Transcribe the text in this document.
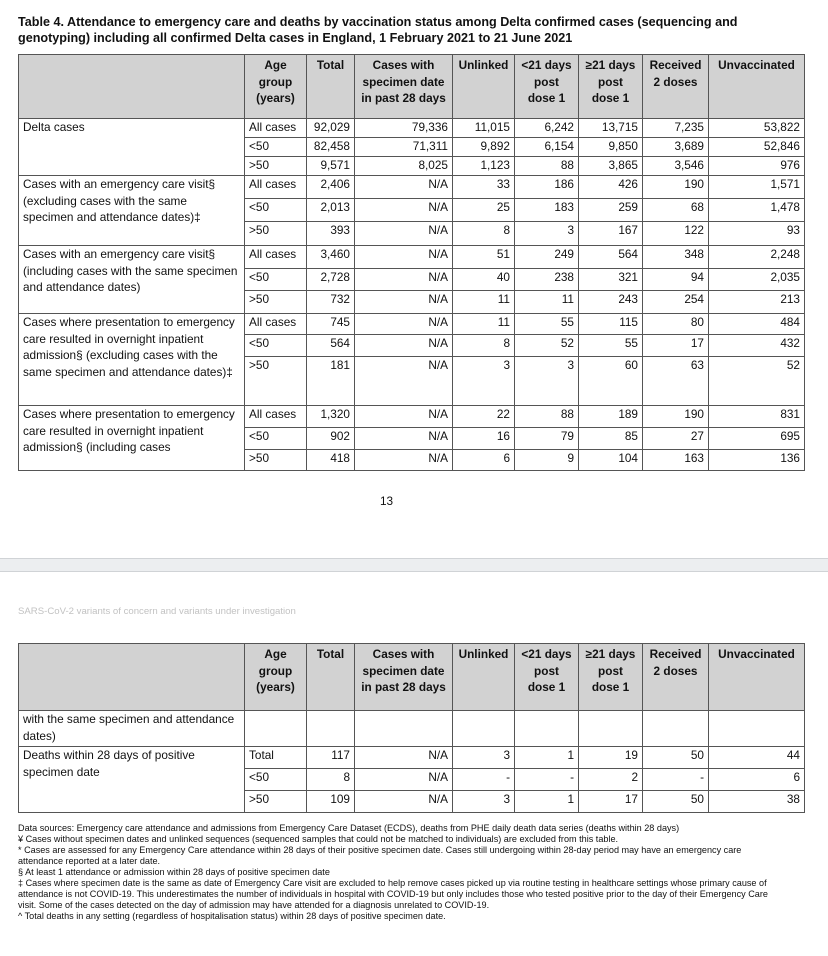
Table 4. Attendance to emergency care and deaths by vaccination status among Delta confirmed cases (sequencing and genotyping) including all confirmed Delta cases in England, 1 February 2021 to 21 June 2021
	Age group (years)	Total	Cases with specimen date in past 28 days	Unlinked	<21 days post dose 1	≥21 days post dose 1	Received 2 doses	Unvaccinated
Delta cases	All cases	92,029	79,336	11,015	6,242	13,715	7,235	53,822
	<50	82,458	71,311	9,892	6,154	9,850	3,689	52,846
	>50	9,571	8,025	1,123	88	3,865	3,546	976
Cases with an emergency care visit§ (excluding cases with the same specimen and attendance dates)‡	All cases	2,406	N/A	33	186	426	190	1,571
	<50	2,013	N/A	25	183	259	68	1,478
	>50	393	N/A	8	3	167	122	93
Cases with an emergency care visit§ (including cases with the same specimen and attendance dates)	All cases	3,460	N/A	51	249	564	348	2,248
	<50	2,728	N/A	40	238	321	94	2,035
	>50	732	N/A	11	11	243	254	213
Cases where presentation to emergency care resulted in overnight inpatient admission§ (excluding cases with the same specimen and attendance dates)‡	All cases	745	N/A	11	55	115	80	484
	<50	564	N/A	8	52	55	17	432
	>50	181	N/A	3	3	60	63	52
Cases where presentation to emergency care resulted in overnight inpatient admission§ (including cases	All cases	1,320	N/A	22	88	189	190	831
	<50	902	N/A	16	79	85	27	695
	>50	418	N/A	6	9	104	163	136
13
SARS-CoV-2 variants of concern and variants under investigation
	Age group (years)	Total	Cases with specimen date in past 28 days	Unlinked	<21 days post dose 1	≥21 days post dose 1	Received 2 doses	Unvaccinated
with the same specimen and attendance dates)								
Deaths within 28 days of positive specimen date	Total	117	N/A	3	1	19	50	44
	<50	8	N/A	-	-	2	-	6
	>50	109	N/A	3	1	17	50	38
Data sources: Emergency care attendance and admissions from Emergency Care Dataset (ECDS), deaths from PHE daily death data series (deaths within 28 days)
¥ Cases without specimen dates and unlinked sequences (sequenced samples that could not be matched to individuals) are excluded from this table.
* Cases are assessed for any Emergency Care attendance within 28 days of their positive specimen date. Cases still undergoing within 28-day period may have an emergency care attendance reported at a later date.
§ At least 1 attendance or admission within 28 days of positive specimen date
‡ Cases where specimen date is the same as date of Emergency Care visit are excluded to help remove cases picked up via routine testing in healthcare settings whose primary cause of attendance is not COVID-19. This underestimates the number of individuals in hospital with COVID-19 but only includes those who tested positive prior to the day of their Emergency Care visit. Some of the cases detected on the day of admission may have attended for a diagnosis unrelated to COVID-19.
^ Total deaths in any setting (regardless of hospitalisation status) within 28 days of positive specimen date.
